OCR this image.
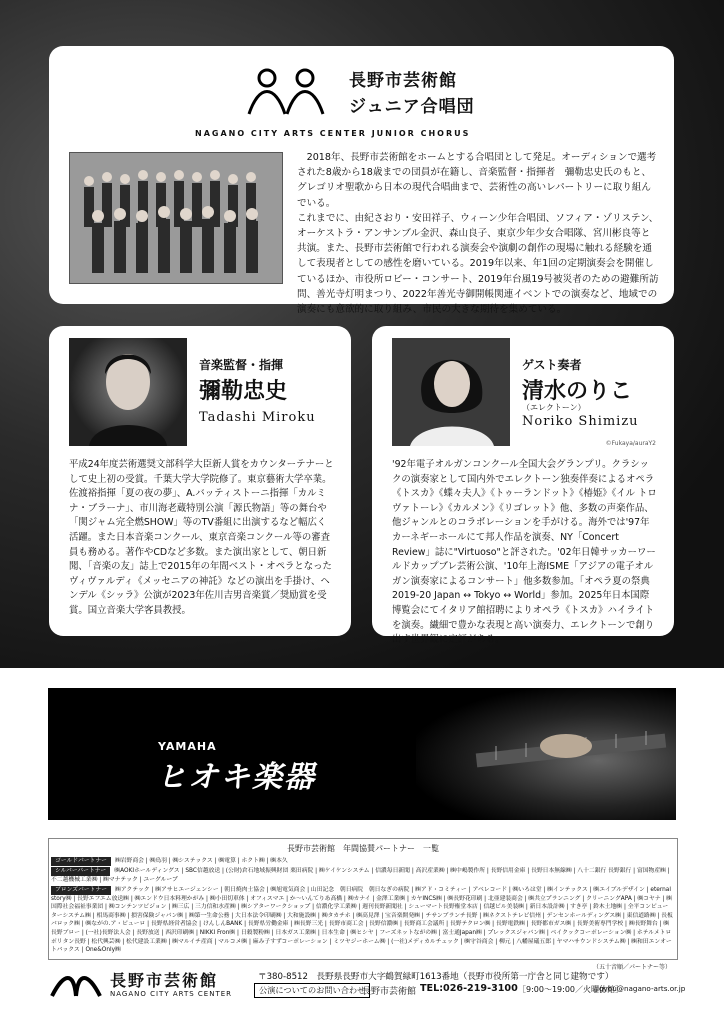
長野市芸術館
ジュニア合唱団
NAGANO CITY ARTS CENTER JUNIOR CHORUS
2018年、長野市芸術館をホームとする合唱団として発足。オーディションで選考された8歳から18歳までの団員が在籍し、音楽監督・指揮者　彌勒忠史氏のもと、グレゴリオ聖歌から日本の現代合唱曲まで、芸術性の高いレパートリーに取り組んでいる。
これまでに、由紀さおり・安田祥子、ウィーン少年合唱団、ソフィア・ゾリステン、オーケストラ・アンサンブル金沢、森山良子、東京少年少女合唱隊、宮川彬良等と共演。また、長野市芸術館で行われる演奏会や演劇の創作の現場に触れる経験を通して表現者としての感性を磨いている。2019年以来、年1回の定期演奏会を開催しているほか、市役所ロビー・コンサート、2019年台風19号被災者のための避難所訪問、善光寺灯明まつり、2022年善光寺御開帳関連イベントでの演奏など、地域での演奏にも意欲的に取り組み、市民の大きな期待を集めている。
音楽監督・指揮
彌勒忠史
Tadashi Miroku
平成24年度芸術選奨文部科学大臣新人賞をカウンターテナーとして史上初の受賞。千葉大学大学院修了。東京藝術大学卒業。佐渡裕指揮「夏の夜の夢」、A.バッティストーニ指揮「カルミナ・ブラーナ」、市川海老蔵特別公演「源氏物語」等の舞台や「関ジャム完全燃SHOW」等のTV番組に出演するなど幅広く活躍。また日本音楽コンクール、東京音楽コンクール等の審査員も務める。著作やCDなど多数。また演出家として、朝日新聞、「音楽の友」誌上で2015年の年間ベスト・オペラとなったヴィヴァルディ《メッセニアの神託》などの演出を手掛け、ヘンデル《シッラ》公演が2023年佐川吉男音楽賞／奨励賞を受賞。国立音楽大学客員教授。
ゲスト奏者
清水のりこ
（エレクトーン）
Noriko Shimizu
©Fukaya/auraY2
'92年電子オルガンコンクール全国大会グランプリ。クラシックの演奏家として国内外でエレクトーン独奏伴奏によるオペラ《トスカ》《蝶々夫人》《トゥーランドット》《椿姫》《イル トロヴァトーレ》《カルメン》《リゴレット》他、多数の声楽作品、他ジャンルとのコラボレーションを手がける。海外では'97年カーネギーホールにて邦人作品を演奏、NY「Concert Review」誌に"Virtuoso"と評された。'02年日韓サッカーワールドカップブレ芸術公演、'10年上海ISME「アジアの電子オルガン演奏家によるコンサート」他多数参加。「オペラ夏の祭典2019-20 Japan ↔ Tokyo ↔ World」参加。2025年日本国際博覧会にてイタリア館招聘によりオペラ《トスカ》ハイライトを演奏。繊細で豊かな表現と高い演奏力、エレクトーンで創り出す世界観に定評がある。
YAMAHA
ヒオキ楽器
長野市芸術館　年間協賛パートナー　一覧
ゴールドパートナー ㈱岩野商会 | ㈱鳥羽 | ㈱システックス | ㈱電算 | ホクト㈱ | ㈱本久
シルバーパートナー ㈱AOKIホールディングス | SBC信越放送 | (公財)倉石地域振興財団 栗田病院 | ㈱ケイケンシステム | 信濃毎日新聞 | 高沢産業㈱ | ㈱中嶋製作所 | 長野信用金庫 | 長野日本無線㈱ | 八十二銀行 長野銀行 | 富国物産㈱ | 不二越機械工業㈱ | ㈱マナテック | ユーグループ
ブロンズパートナー ㈱アクテック | ㈱アサヒエージェンシー | 朝日焼肉士協会 | ㈱旭電気商会 | 山田記念　朝日病院　朝日なぎの病院 | ㈱アド・コミティー | アベレコード | ㈱いろは堂 | ㈱インテックス | ㈱エイブルデザイン | eternal story㈱ | 長野エフエム放送㈱ | ㈱エンドウ日本料理かがみ | ㈱小田切車体 | オフィスマエ | か〜いんてりあ高橋 | ㈱カナイ | 金澤工業㈱ | カヤINCS㈱ | ㈱長野花印刷 | 北亜建装商会 | ㈱共立プランニング | クリーニングAPA | ㈱コヤナ | ㈱国際社会福祉事業団 | ㈱コンテンツビジョン | ㈱三広 | 三力信和水産㈱ | ㈱シアターワークショップ | 信濃化学工業㈱ | 週刊長野新聞社 | シューマート長野権堂本店 | 信越ビル美装㈱ | 新日本設計㈱ | すき亭 | 鈴木土地㈱ | 全平コンピューターシステム㈱ | 相馬商事㈱ | 損害保険ジャパン㈱ | ㈱第一生命公務 | 大日本法令印刷㈱ | 大和施設㈱ | ㈱タカチホ | ㈱高見澤 | 宝音楽開発㈱ | チサンブランチ長野 | ㈱ネクストテレビ信州 | デンセンホールディングス㈱ | 東信道路㈱ | 長板バロック㈱ | ㈱ながの.ア・ピューロ | 長野県経営者協会 | けんしんBANK | 長野県労働金庫 | ㈱長野三光 | 長野市商工会 | 長野信濃㈱ | 長野商工会議所 | 長野テクロン㈱ | 長野電鉄㈱ | 長野都市ガス㈱ | 長野美術専門学校 | ㈱長野舞台 | ㈱長野ブロー | (一社)長野法人会 | 長野放送 | 西沢印刷㈱ | NIKKI Fron㈱ | 日穀製粉㈱ | 日本ガス工業㈱ | 日本生命 | ㈱ヒシヤ | フーズネットながの㈱ | 富士通Japan㈱ | プレックスジャパン㈱ | ベイクックコーポレーション㈱ | ホテルメトロポリタン長野 | 松代興芸㈱ | 松代建設工業㈱ | ㈱マルイチ産商 | マルコメ㈱ | 麻み子すずコーポレーション | ミツヤジーホーム㈱ | (一社)メディカルチェック | ㈱守谷商会 | 柳元 | 八幡屋礒五郎 | ヤマハサウンドシステム㈱ | ㈱和田エンオートバックス | One&Only㈱
（五十音順／パートナー等）
長野市芸術館
NAGANO CITY ARTS CENTER
〒380-8512　長野県長野市大字鶴賀緑町1613番地（長野市役所第一庁舎と同じ建物です）
公演についてのお問い合わせ
長野市芸術館 TEL:026-219-3100 ［9:00～19:00／火曜休館］
jigyou@nagano-arts.or.jp
